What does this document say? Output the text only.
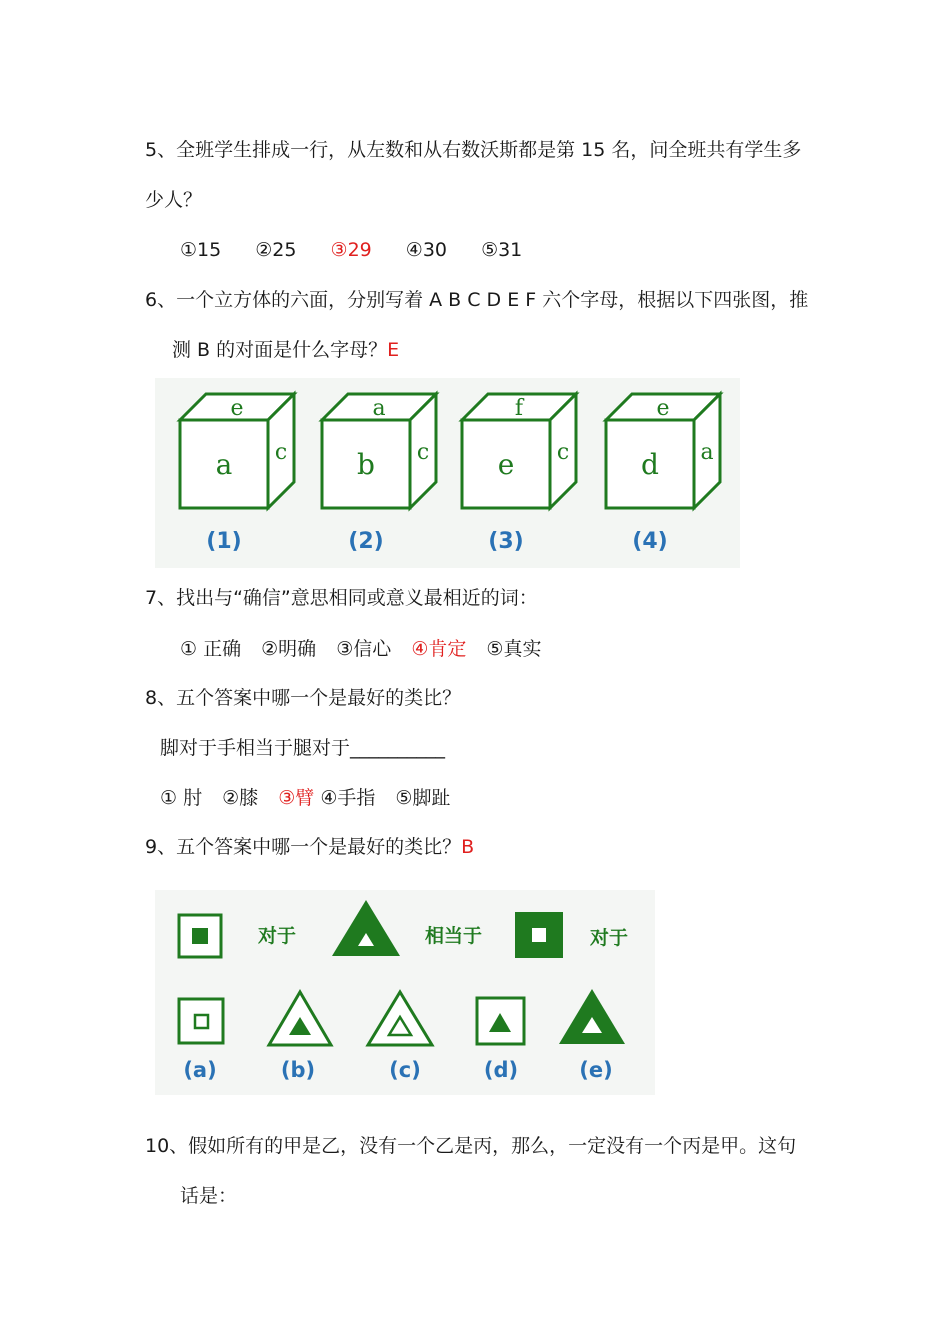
5、全班学生排成一行，从左数和从右数沃斯都是第 15 名，问全班共有学生多
少人？
①15 ②25 ③29 ④30 ⑤31
6、一个立方体的六面，分别写着 A B C D E F 六个字母，根据以下四张图，推
测 B 的对面是什么字母？E
e
a c
(1)
a
b c
(2)
f
e c
(3)
e
d a
(4)
7、找出与“确信”意思相同或意义最相近的词：
① 正确 ②明确 ③信心 ④肯定 ⑤真实
8、五个答案中哪一个是最好的类比？
脚对于手相当于腿对于__________
① 肘 ②膝 ③臂 ④手指 ⑤脚趾
9、五个答案中哪一个是最好的类比？B
对于	相当于	对于
(a)	(b)	(c)	(d)	(e)
10、假如所有的甲是乙，没有一个乙是丙，那么，一定没有一个丙是甲。这句
话是：
